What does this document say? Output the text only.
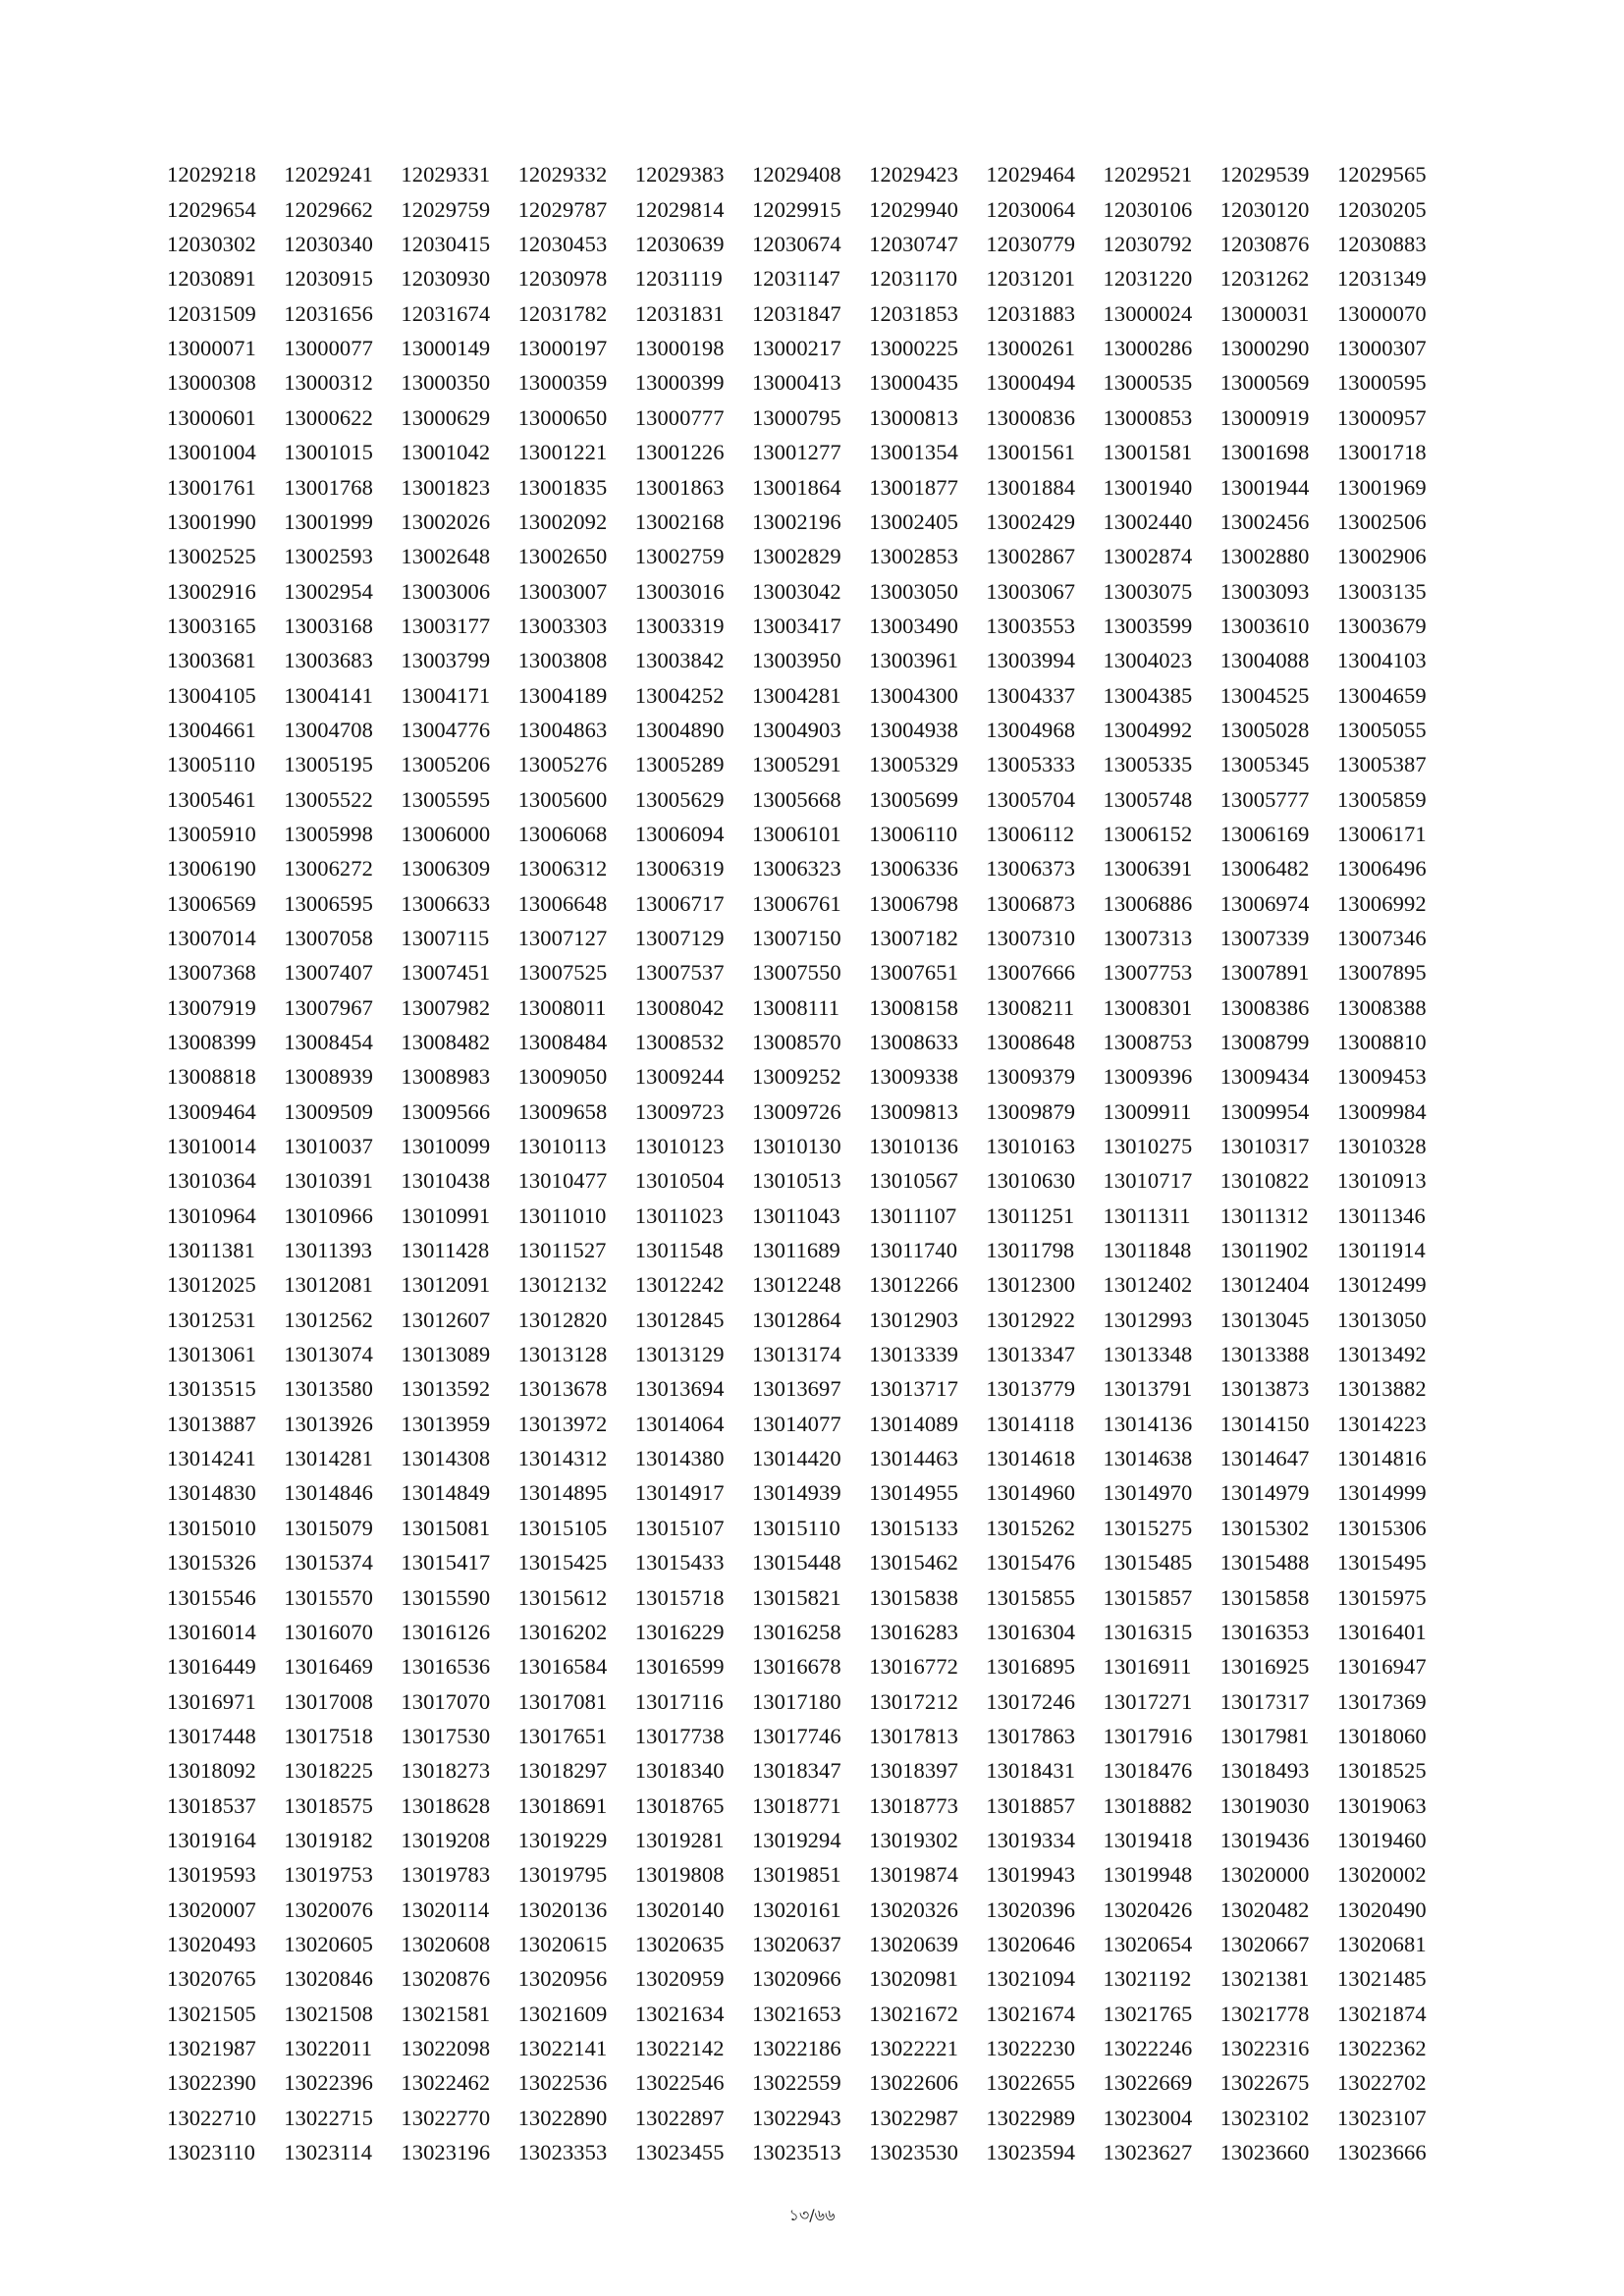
12029218	12029241	12029331	12029332	12029383	12029408	12029423	12029464	12029521	12029539	12029565
12029654	12029662	12029759	12029787	12029814	12029915	12029940	12030064	12030106	12030120	12030205
12030302	12030340	12030415	12030453	12030639	12030674	12030747	12030779	12030792	12030876	12030883
12030891	12030915	12030930	12030978	12031119	12031147	12031170	12031201	12031220	12031262	12031349
12031509	12031656	12031674	12031782	12031831	12031847	12031853	12031883	13000024	13000031	13000070
13000071	13000077	13000149	13000197	13000198	13000217	13000225	13000261	13000286	13000290	13000307
13000308	13000312	13000350	13000359	13000399	13000413	13000435	13000494	13000535	13000569	13000595
13000601	13000622	13000629	13000650	13000777	13000795	13000813	13000836	13000853	13000919	13000957
13001004	13001015	13001042	13001221	13001226	13001277	13001354	13001561	13001581	13001698	13001718
13001761	13001768	13001823	13001835	13001863	13001864	13001877	13001884	13001940	13001944	13001969
13001990	13001999	13002026	13002092	13002168	13002196	13002405	13002429	13002440	13002456	13002506
13002525	13002593	13002648	13002650	13002759	13002829	13002853	13002867	13002874	13002880	13002906
13002916	13002954	13003006	13003007	13003016	13003042	13003050	13003067	13003075	13003093	13003135
13003165	13003168	13003177	13003303	13003319	13003417	13003490	13003553	13003599	13003610	13003679
13003681	13003683	13003799	13003808	13003842	13003950	13003961	13003994	13004023	13004088	13004103
13004105	13004141	13004171	13004189	13004252	13004281	13004300	13004337	13004385	13004525	13004659
13004661	13004708	13004776	13004863	13004890	13004903	13004938	13004968	13004992	13005028	13005055
13005110	13005195	13005206	13005276	13005289	13005291	13005329	13005333	13005335	13005345	13005387
13005461	13005522	13005595	13005600	13005629	13005668	13005699	13005704	13005748	13005777	13005859
13005910	13005998	13006000	13006068	13006094	13006101	13006110	13006112	13006152	13006169	13006171
13006190	13006272	13006309	13006312	13006319	13006323	13006336	13006373	13006391	13006482	13006496
13006569	13006595	13006633	13006648	13006717	13006761	13006798	13006873	13006886	13006974	13006992
13007014	13007058	13007115	13007127	13007129	13007150	13007182	13007310	13007313	13007339	13007346
13007368	13007407	13007451	13007525	13007537	13007550	13007651	13007666	13007753	13007891	13007895
13007919	13007967	13007982	13008011	13008042	13008111	13008158	13008211	13008301	13008386	13008388
13008399	13008454	13008482	13008484	13008532	13008570	13008633	13008648	13008753	13008799	13008810
13008818	13008939	13008983	13009050	13009244	13009252	13009338	13009379	13009396	13009434	13009453
13009464	13009509	13009566	13009658	13009723	13009726	13009813	13009879	13009911	13009954	13009984
13010014	13010037	13010099	13010113	13010123	13010130	13010136	13010163	13010275	13010317	13010328
13010364	13010391	13010438	13010477	13010504	13010513	13010567	13010630	13010717	13010822	13010913
13010964	13010966	13010991	13011010	13011023	13011043	13011107	13011251	13011311	13011312	13011346
13011381	13011393	13011428	13011527	13011548	13011689	13011740	13011798	13011848	13011902	13011914
13012025	13012081	13012091	13012132	13012242	13012248	13012266	13012300	13012402	13012404	13012499
13012531	13012562	13012607	13012820	13012845	13012864	13012903	13012922	13012993	13013045	13013050
13013061	13013074	13013089	13013128	13013129	13013174	13013339	13013347	13013348	13013388	13013492
13013515	13013580	13013592	13013678	13013694	13013697	13013717	13013779	13013791	13013873	13013882
13013887	13013926	13013959	13013972	13014064	13014077	13014089	13014118	13014136	13014150	13014223
13014241	13014281	13014308	13014312	13014380	13014420	13014463	13014618	13014638	13014647	13014816
13014830	13014846	13014849	13014895	13014917	13014939	13014955	13014960	13014970	13014979	13014999
13015010	13015079	13015081	13015105	13015107	13015110	13015133	13015262	13015275	13015302	13015306
13015326	13015374	13015417	13015425	13015433	13015448	13015462	13015476	13015485	13015488	13015495
13015546	13015570	13015590	13015612	13015718	13015821	13015838	13015855	13015857	13015858	13015975
13016014	13016070	13016126	13016202	13016229	13016258	13016283	13016304	13016315	13016353	13016401
13016449	13016469	13016536	13016584	13016599	13016678	13016772	13016895	13016911	13016925	13016947
13016971	13017008	13017070	13017081	13017116	13017180	13017212	13017246	13017271	13017317	13017369
13017448	13017518	13017530	13017651	13017738	13017746	13017813	13017863	13017916	13017981	13018060
13018092	13018225	13018273	13018297	13018340	13018347	13018397	13018431	13018476	13018493	13018525
13018537	13018575	13018628	13018691	13018765	13018771	13018773	13018857	13018882	13019030	13019063
13019164	13019182	13019208	13019229	13019281	13019294	13019302	13019334	13019418	13019436	13019460
13019593	13019753	13019783	13019795	13019808	13019851	13019874	13019943	13019948	13020000	13020002
13020007	13020076	13020114	13020136	13020140	13020161	13020326	13020396	13020426	13020482	13020490
13020493	13020605	13020608	13020615	13020635	13020637	13020639	13020646	13020654	13020667	13020681
13020765	13020846	13020876	13020956	13020959	13020966	13020981	13021094	13021192	13021381	13021485
13021505	13021508	13021581	13021609	13021634	13021653	13021672	13021674	13021765	13021778	13021874
13021987	13022011	13022098	13022141	13022142	13022186	13022221	13022230	13022246	13022316	13022362
13022390	13022396	13022462	13022536	13022546	13022559	13022606	13022655	13022669	13022675	13022702
13022710	13022715	13022770	13022890	13022897	13022943	13022987	13022989	13023004	13023102	13023107
13023110	13023114	13023196	13023353	13023455	13023513	13023530	13023594	13023627	13023660	13023666
১৩/৬৬
